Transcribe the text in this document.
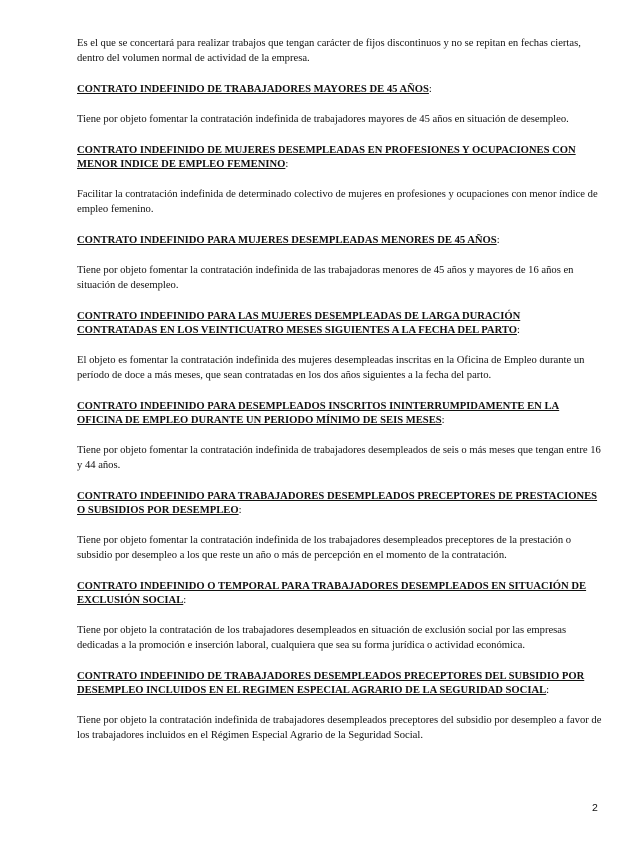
Es el que se concertará para realizar trabajos que tengan carácter de fijos discontinuos y no se repitan en fechas ciertas, dentro del volumen normal de actividad de la empresa.

CONTRATO INDEFINIDO DE TRABAJADORES MAYORES DE 45 AÑOS:

Tiene por objeto fomentar la contratación indefinida de trabajadores mayores de 45 años en situación de desempleo.

CONTRATO INDEFINIDO DE MUJERES DESEMPLEADAS EN PROFESIONES Y OCUPACIONES CON MENOR INDICE DE EMPLEO FEMENINO:

Facilitar la contratación indefinida de determinado colectivo de mujeres en profesiones y ocupaciones con menor índice de empleo femenino.

CONTRATO INDEFINIDO PARA MUJERES DESEMPLEADAS MENORES DE 45 AÑOS:

Tiene por objeto fomentar la contratación indefinida de las trabajadoras menores de 45 años y mayores de 16 años en situación de desempleo.

CONTRATO INDEFINIDO PARA LAS MUJERES DESEMPLEADAS DE LARGA DURACIÓN CONTRATADAS EN LOS VEINTICUATRO MESES SIGUIENTES A LA FECHA DEL PARTO:

El objeto es fomentar la contratación indefinida des mujeres desempleadas inscritas en la Oficina de Empleo durante un período de doce a más meses, que sean contratadas en los dos años siguientes a la fecha del parto.

CONTRATO INDEFINIDO PARA DESEMPLEADOS INSCRITOS ININTERRUMPIDAMENTE EN LA OFICINA DE EMPLEO DURANTE UN PERIODO MÍNIMO DE SEIS MESES:

Tiene por objeto fomentar la contratación indefinida de trabajadores desempleados de seis o más meses que tengan entre 16 y 44 años.

CONTRATO INDEFINIDO PARA TRABAJADORES DESEMPLEADOS PRECEPTORES DE PRESTACIONES O SUBSIDIOS POR DESEMPLEO:

Tiene por objeto fomentar la contratación indefinida de los trabajadores desempleados preceptores de la prestación o subsidio por desempleo a los que reste un año o más de percepción en el momento de la contratación.

CONTRATO INDEFINIDO O TEMPORAL PARA TRABAJADORES DESEMPLEADOS EN SITUACIÓN DE EXCLUSIÓN SOCIAL:

Tiene por objeto la contratación de los trabajadores desempleados en situación de exclusión social por las empresas dedicadas a la promoción e inserción laboral, cualquiera que sea su forma jurídica o actividad económica.

CONTRATO INDEFINIDO DE TRABAJADORES DESEMPLEADOS PRECEPTORES DEL SUBSIDIO POR DESEMPLEO INCLUIDOS EN EL REGIMEN ESPECIAL AGRARIO DE LA SEGURIDAD SOCIAL:

Tiene por objeto la contratación indefinida de trabajadores desempleados preceptores del subsidio por desempleo a favor de los trabajadores incluidos en el Régimen Especial Agrario de la Seguridad Social.

2
